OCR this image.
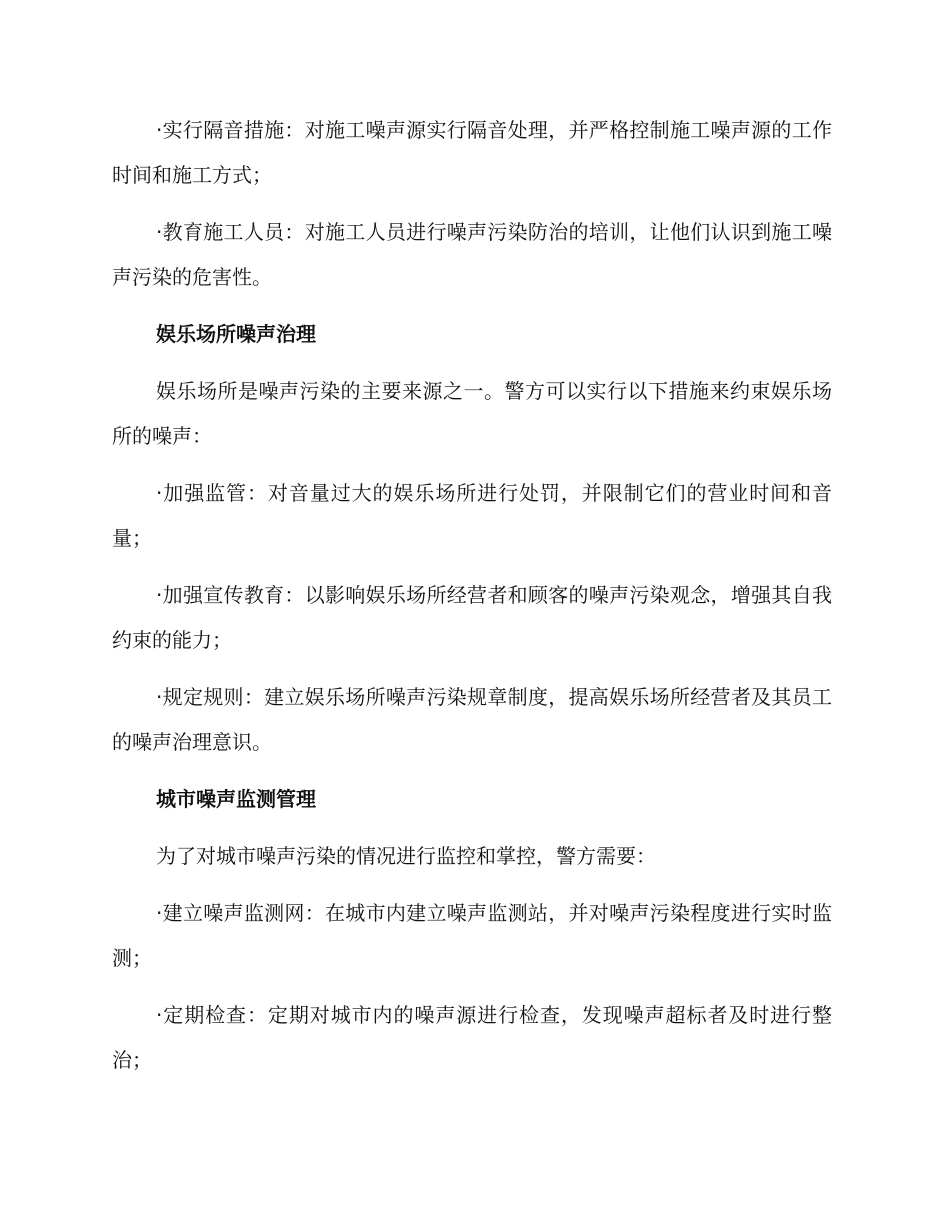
·实行隔音措施：对施工噪声源实行隔音处理，并严格控制施工噪声源的工作时间和施工方式；

·教育施工人员：对施工人员进行噪声污染防治的培训，让他们认识到施工噪声污染的危害性。

娱乐场所噪声治理

娱乐场所是噪声污染的主要来源之一。警方可以实行以下措施来约束娱乐场所的噪声：

·加强监管：对音量过大的娱乐场所进行处罚，并限制它们的营业时间和音量；

·加强宣传教育：以影响娱乐场所经营者和顾客的噪声污染观念，增强其自我约束的能力；

·规定规则：建立娱乐场所噪声污染规章制度，提高娱乐场所经营者及其员工的噪声治理意识。

城市噪声监测管理

为了对城市噪声污染的情况进行监控和掌控，警方需要：

·建立噪声监测网：在城市内建立噪声监测站，并对噪声污染程度进行实时监测；

·定期检查：定期对城市内的噪声源进行检查，发现噪声超标者及时进行整治；
